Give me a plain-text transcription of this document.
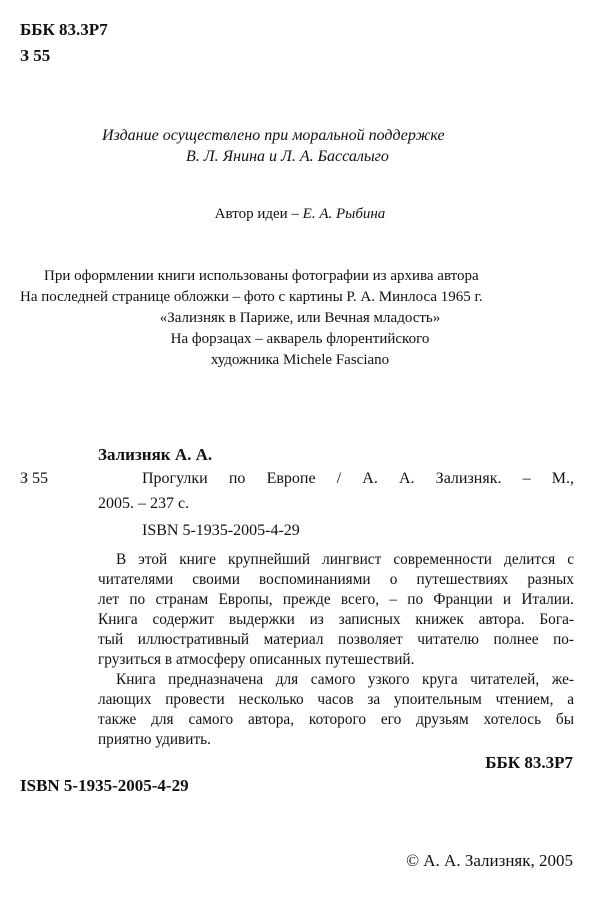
ББК 83.3Р7
З 55
Издание осуществлено при моральной поддержке
В. Л. Янина и Л. А. Бассалыго
Автор идеи – Е. А. Рыбина
При оформлении книги использованы фотографии из архива автора
На последней странице обложки – фото с картины Р. А. Минлоса 1965 г.
«Зализняк в Париже, или Вечная младость»
На форзацах – акварель флорентийского
художника Michele Fasciano
Зализняк А. А.
З 55	Прогулки по Европе / А. А. Зализняк. – М.,
2005. – 237 с.
ISBN 5-1935-2005-4-29
В этой книге крупнейший лингвист современности делится с
читателями своими воспоминаниями о путешествиях разных
лет по странам Европы, прежде всего, – по Франции и Италии.
Книга содержит выдержки из записных книжек автора. Бога-
тый иллюстративный материал позволяет читателю полнее по-
грузиться в атмосферу описанных путешествий.
Книга предназначена для самого узкого круга читателей, же-
лающих провести несколько часов за упоительным чтением, а
также для самого автора, которого его друзьям хотелось бы
приятно удивить.
ББК 83.3Р7
ISBN 5-1935-2005-4-29
© А. А. Зализняк, 2005
